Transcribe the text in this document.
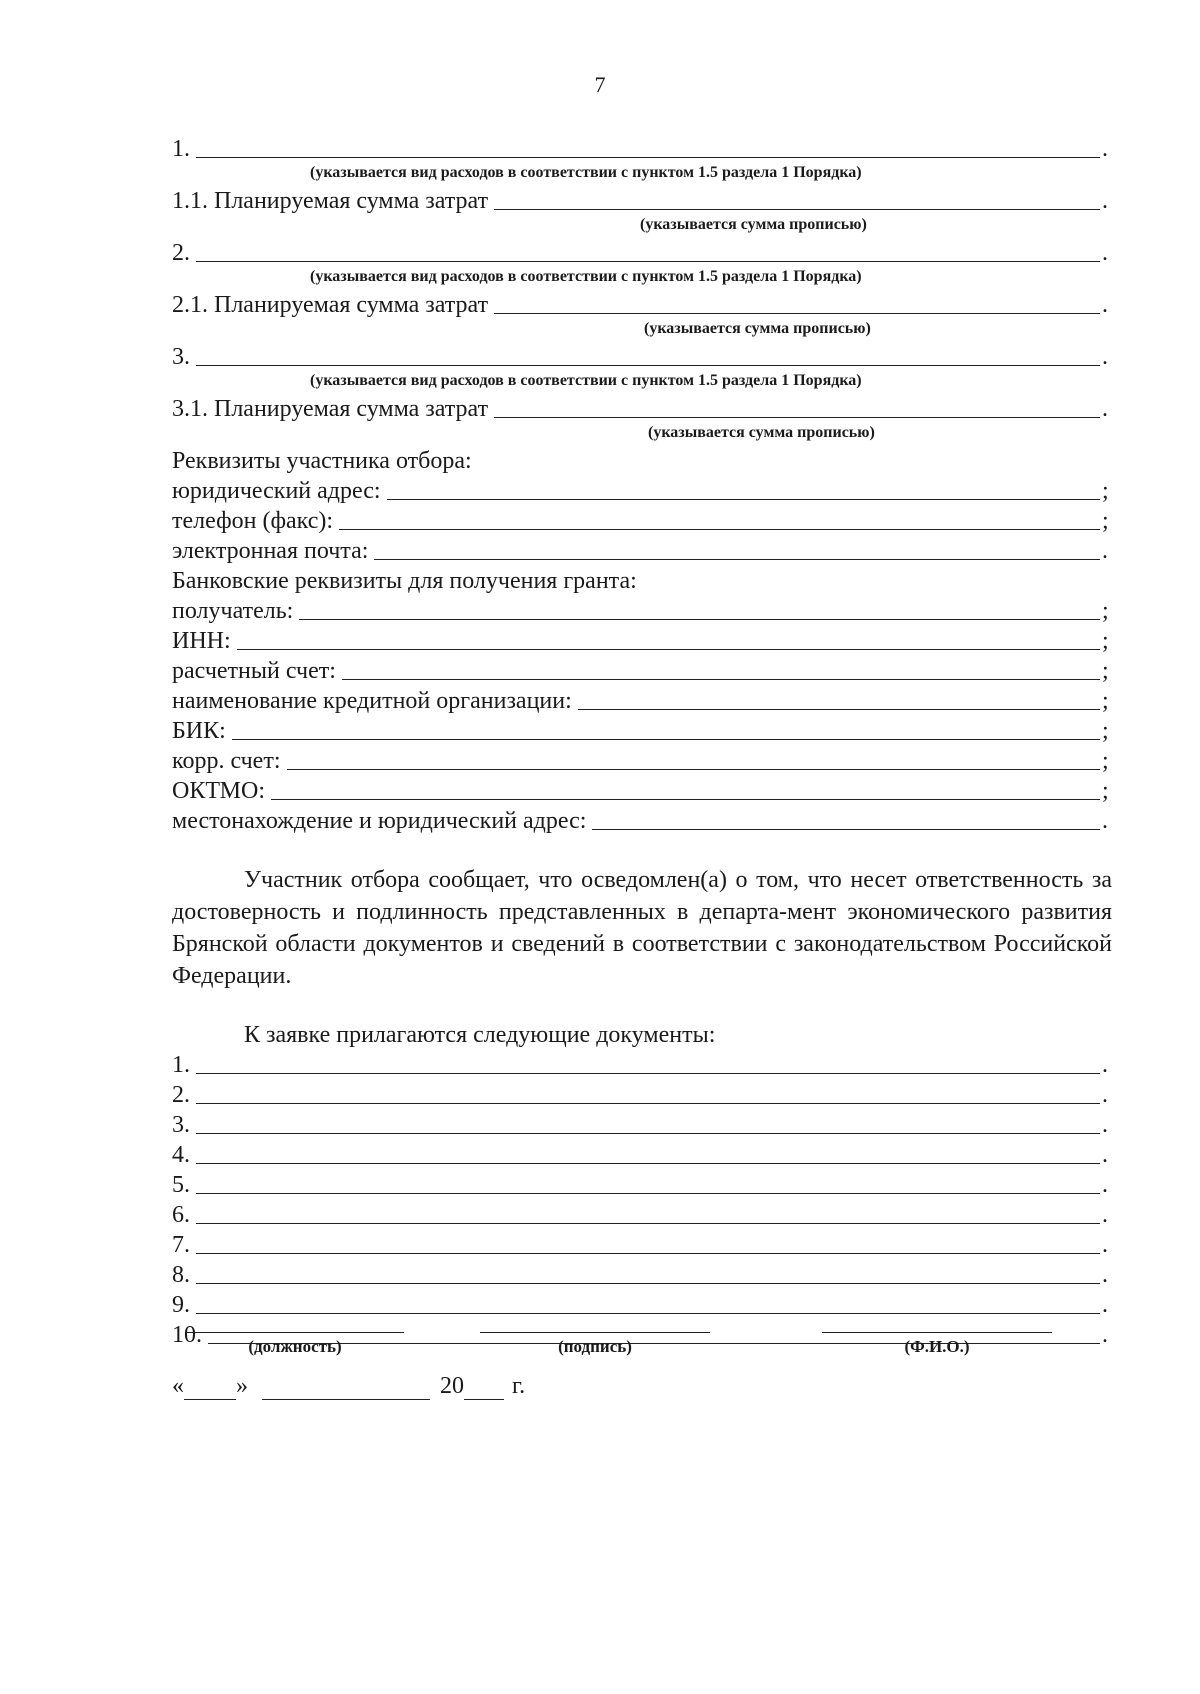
7
1.	.
(указывается вид расходов в соответствии с пунктом 1.5 раздела 1 Порядка)
1.1. Планируемая сумма затрат	.
(указывается сумма прописью)
2.	.
(указывается вид расходов в соответствии с пунктом 1.5 раздела 1 Порядка)
2.1. Планируемая сумма затрат	.
(указывается сумма прописью)
3.	.
(указывается вид расходов в соответствии с пунктом 1.5 раздела 1 Порядка)
3.1. Планируемая сумма затрат	.
(указывается сумма прописью)
Реквизиты участника отбора:
юридический адрес:	;
телефон (факс):	;
электронная почта:	.
Банковские реквизиты для получения гранта:
получатель:	;
ИНН:	;
расчетный счет:	;
наименование кредитной организации:	;
БИК:	;
корр. счет:	;
ОКТМО:	;
местонахождение и юридический адрес:	.

Участник отбора сообщает, что осведомлен(а) о том, что несет ответственность за достоверность и подлинность представленных в департа-мент экономического развития Брянской области документов и сведений в соответствии с законодательством Российской Федерации.

К заявке прилагаются следующие документы:
1.	.
2.	.
3.	.
4.	.
5.	.
6.	.
7.	.
8.	.
9.	.
10.	.
(должность)	(подпись)	(Ф.И.О.)
« »	20 г.
